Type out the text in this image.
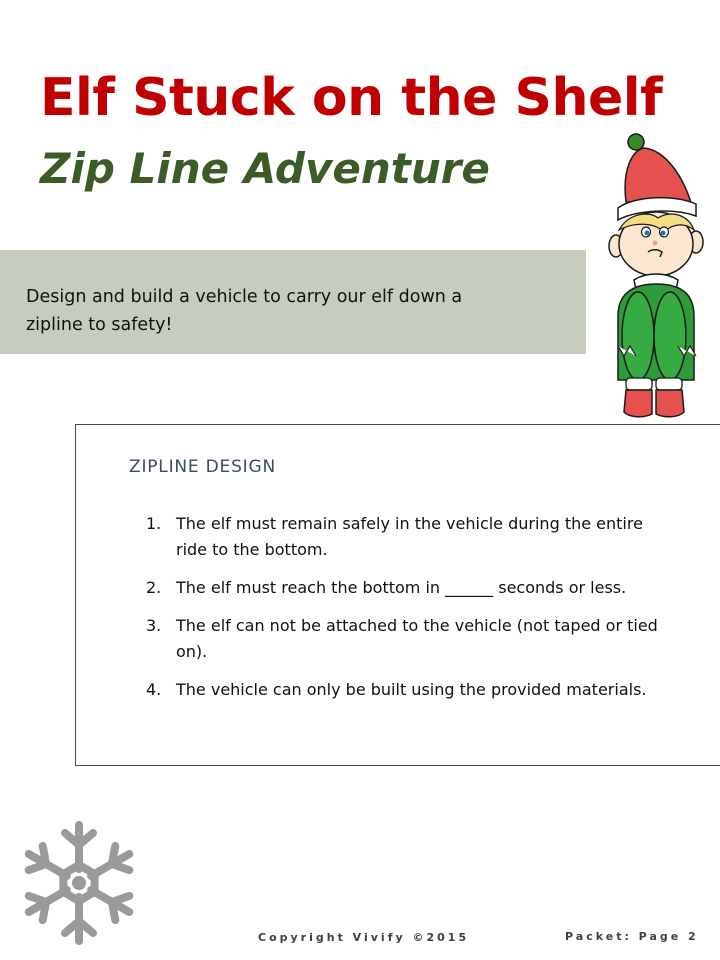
Elf Stuck on the Shelf
Zip Line Adventure

Design and build a vehicle to carry our elf down a
zipline to safety!

ZIPLINE DESIGN
1. The elf must remain safely in the vehicle during the entire
ride to the bottom.
2. The elf must reach the bottom in ______ seconds or less.
3. The elf can not be attached to the vehicle (not taped or tied
on).
4. The vehicle can only be built using the provided materials.
Copyright Vivify ©2015	Packet: Page 2
